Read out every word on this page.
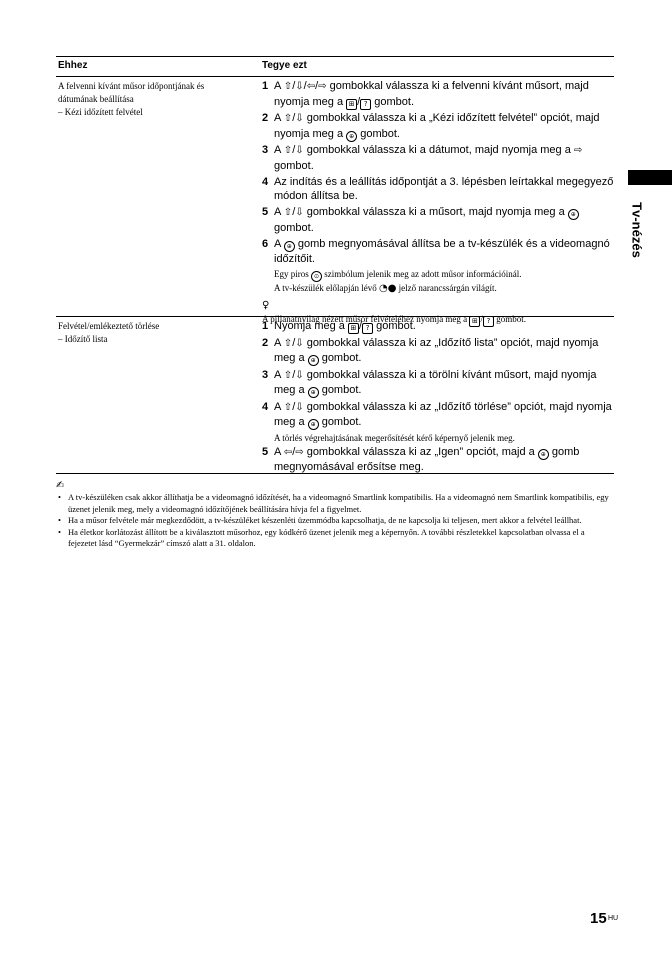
Ehhez	Tegye ezt
A felvenni kívánt műsor időpontjának és
dátumának beállítása
– Kézi időzített felvétel
1 A ⇧/⇩/⇦/⇨ gombokkal válassza ki a felvenni kívánt műsort, majd nyomja meg a ⊞ / ? gombot.
2 A ⇧/⇩ gombokkal válassza ki a „Kézi időzített felvétel” opciót, majd nyomja meg a ⊕ gombot.
3 A ⇧/⇩ gombokkal válassza ki a dátumot, majd nyomja meg a ⇨ gombot.
4 Az indítás és a leállítás időpontját a 3. lépésben leírtakkal megegyező módon állítsa be.
5 A ⇧/⇩ gombokkal válassza ki a műsort, majd nyomja meg a ⊕ gombot.
6 A ⊕ gomb megnyomásával állítsa be a tv-készülék és a videomagnó időzítőit.
Egy piros ⊙ szimbólum jelenik meg az adott műsor információinál.
A tv-készülék előlapján lévő ◔● jelző narancssárgán világít.
♀
A pillanatnyilag nézett műsor felvételéhez nyomja meg a ⊞ / ? gombot.
Felvétel/emlékeztető törlése
– Időzítő lista
1 Nyomja meg a ⊞ / ? gombot.
2 A ⇧/⇩ gombokkal válassza ki az „Időzítő lista” opciót, majd nyomja meg a ⊕ gombot.
3 A ⇧/⇩ gombokkal válassza ki a törölni kívánt műsort, majd nyomja meg a ⊕ gombot.
4 A ⇧/⇩ gombokkal válassza ki az „Időzítő törlése” opciót, majd nyomja meg a ⊕ gombot.
A törlés végrehajtásának megerősítését kérő képernyő jelenik meg.
5 A ⇦/⇨ gombokkal válassza ki az „Igen” opciót, majd a ⊕ gomb megnyomásával erősítse meg.
✍
• A tv-készüléken csak akkor állíthatja be a videomagnó időzítését, ha a videomagnó Smartlink kompatibilis. Ha a videomagnó nem Smartlink kompatibilis, egy üzenet jelenik meg, mely a videomagnó időzítőjének beállítására hívja fel a figyelmet.
• Ha a műsor felvétele már megkezdődött, a tv-készüléket készenléti üzemmódba kapcsolhatja, de ne kapcsolja ki teljesen, mert akkor a felvétel leállhat.
• Ha életkor korlátozást állított be a kiválasztott műsorhoz, egy kódkérő üzenet jelenik meg a képernyőn. A további részletekkel kapcsolatban olvassa el a fejezetet lásd “Gyermekzár” címszó alatt a 31. oldalon.
Tv-nézés
15 HU
